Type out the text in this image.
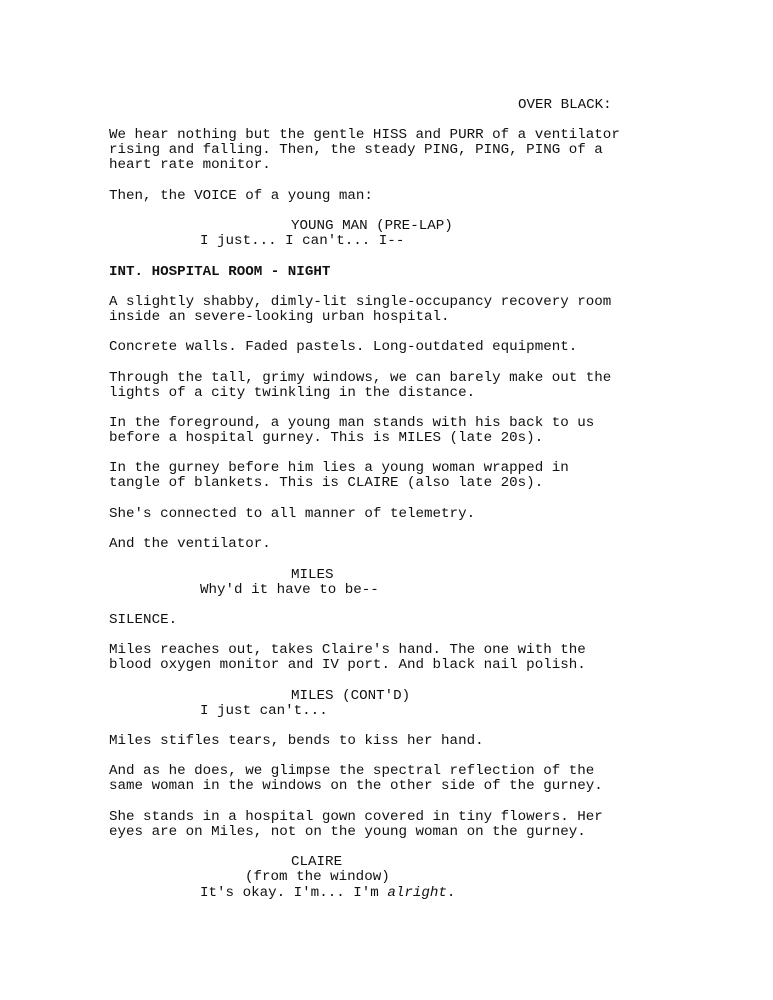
OVER BLACK:
We hear nothing but the gentle HISS and PURR of a ventilator
rising and falling. Then, the steady PING, PING, PING of a
heart rate monitor.
Then, the VOICE of a young man:
YOUNG MAN (PRE-LAP)
I just... I can't... I--
INT. HOSPITAL ROOM - NIGHT
A slightly shabby, dimly-lit single-occupancy recovery room
inside an severe-looking urban hospital.
Concrete walls. Faded pastels. Long-outdated equipment.
Through the tall, grimy windows, we can barely make out the
lights of a city twinkling in the distance.
In the foreground, a young man stands with his back to us
before a hospital gurney. This is MILES (late 20s).
In the gurney before him lies a young woman wrapped in
tangle of blankets. This is CLAIRE (also late 20s).
She's connected to all manner of telemetry.
And the ventilator.
MILES
Why'd it have to be--
SILENCE.
Miles reaches out, takes Claire's hand. The one with the
blood oxygen monitor and IV port. And black nail polish.
MILES (CONT'D)
I just can't...
Miles stifles tears, bends to kiss her hand.
And as he does, we glimpse the spectral reflection of the
same woman in the windows on the other side of the gurney.
She stands in a hospital gown covered in tiny flowers. Her
eyes are on Miles, not on the young woman on the gurney.
CLAIRE
(from the window)
It's okay. I'm... I'm alright.
